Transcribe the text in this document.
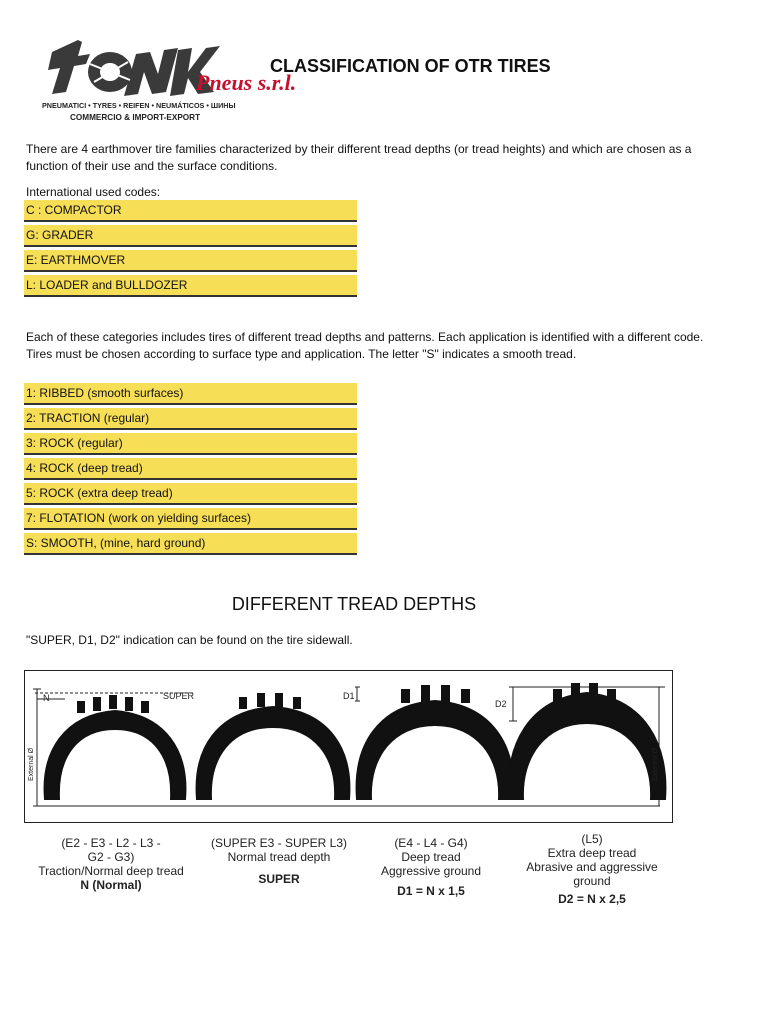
Pneus s.r.l.
PNEUMATICI • TYRES • REIFEN • NEUMÁTICOS • ШИНЫ
COMMERCIO & IMPORT-EXPORT
CLASSIFICATION OF OTR TIRES
There are 4 earthmover tire families characterized by their different tread depths (or tread heights) and which are chosen as a function of their use and the surface conditions.
International used codes:
C : COMPACTOR
G: GRADER
E: EARTHMOVER
L: LOADER and BULLDOZER
Each of these categories includes tires of different tread depths and patterns. Each application is identified with a different code. Tires must be chosen according to surface type and application. The letter "S" indicates a smooth tread.
1: RIBBED (smooth surfaces)
2: TRACTION (regular)
3: ROCK (regular)
4: ROCK (deep tread)
5: ROCK (extra deep tread)
7: FLOTATION (work on yielding surfaces)
S: SMOOTH, (mine, hard ground)
DIFFERENT TREAD DEPTHS
"SUPER, D1, D2" indication can be found on the tire sidewall.
N	SUPER	D1
D2
External Ø	External Ø
(E2 - E3 - L2 - L3 -
G2 - G3)
Traction/Normal deep tread
N (Normal)
(SUPER E3 - SUPER L3)
Normal tread depth
SUPER
(E4 - L4 - G4)
Deep tread
Aggressive ground
D1 = N x 1,5
(L5)
Extra deep tread
Abrasive and aggressive ground
D2 = N x 2,5
